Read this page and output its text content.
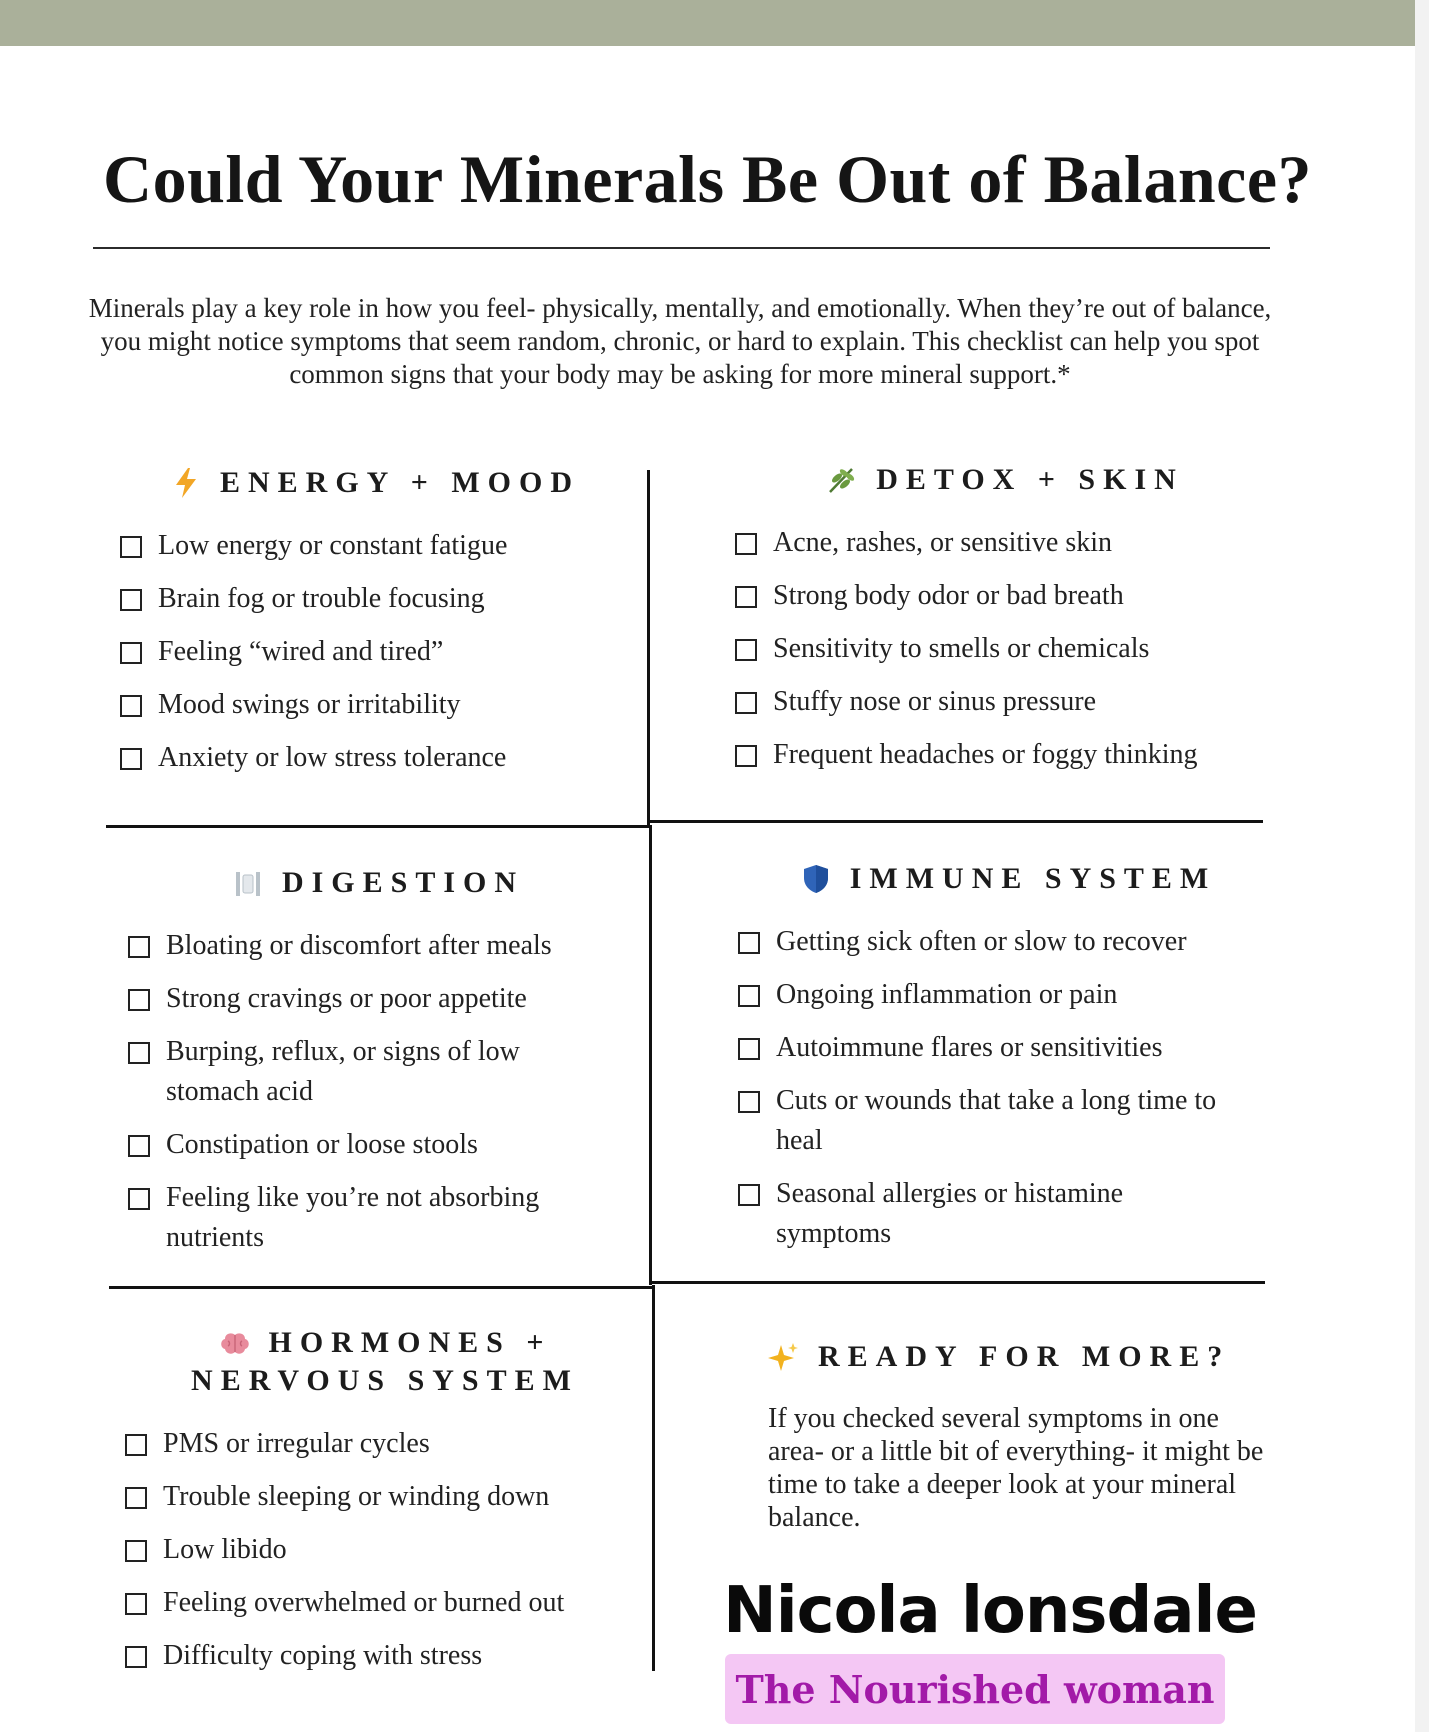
Could Your Minerals Be Out of Balance?

Minerals play a key role in how you feel- physically, mentally, and emotionally. When they’re out of balance, you might notice symptoms that seem random, chronic, or hard to explain. This checklist can help you spot common signs that your body may be asking for more mineral support.*

ENERGY + MOOD
Low energy or constant fatigue
Brain fog or trouble focusing
Feeling “wired and tired”
Mood swings or irritability
Anxiety or low stress tolerance
DETOX + SKIN
Acne, rashes, or sensitive skin
Strong body odor or bad breath
Sensitivity to smells or chemicals
Stuffy nose or sinus pressure
Frequent headaches or foggy thinking
DIGESTION
Bloating or discomfort after meals
Strong cravings or poor appetite
Burping, reflux, or signs of low stomach acid
Constipation or loose stools
Feeling like you’re not absorbing nutrients
IMMUNE SYSTEM
Getting sick often or slow to recover
Ongoing inflammation or pain
Autoimmune flares or sensitivities
Cuts or wounds that take a long time to heal
Seasonal allergies or histamine symptoms
HORMONES +
NERVOUS SYSTEM
PMS or irregular cycles
Trouble sleeping or winding down
Low libido
Feeling overwhelmed or burned out
Difficulty coping with stress
READY FOR MORE?

If you checked several symptoms in one area- or a little bit of everything- it might be time to take a deeper look at your mineral balance.

Nicola lonsdale
The Nourished woman
